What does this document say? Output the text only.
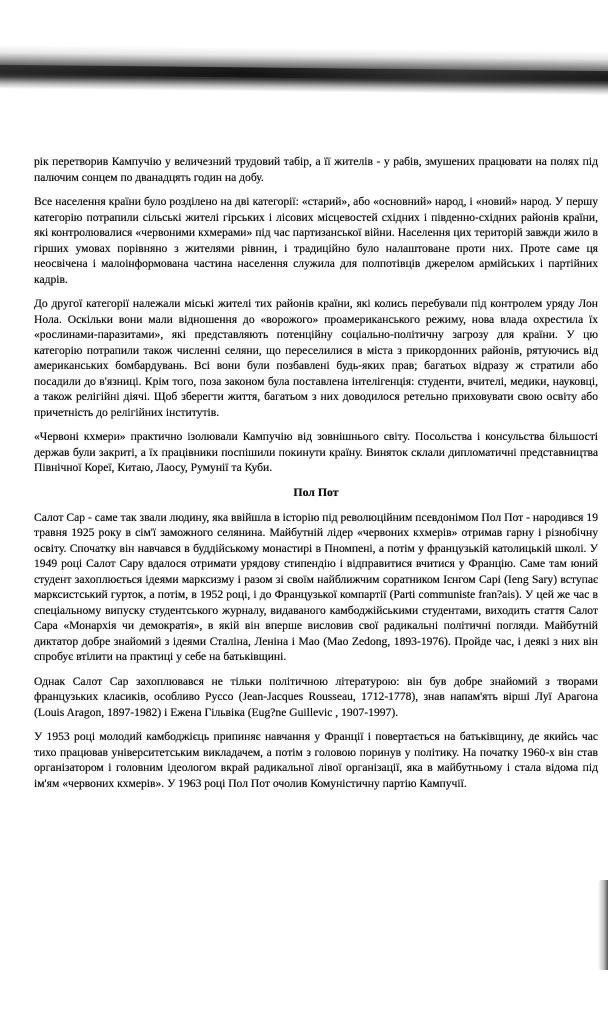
рік перетворив Кампучію у величезний трудовий табір, а її жителів - у рабів, змушених працювати на полях під палючим сонцем по дванадцять годин на добу.

Все населення країни було розділено на дві категорії: «старий», або «основний» народ, і «новий» народ. У першу категорію потрапили сільські жителі гірських і лісових місцевостей східних і південно-східних районів країни, які контролювалися «червоними кхмерами» під час партизанської війни. Населення цих територій завжди жило в гірших умовах порівняно з жителями рівнин, і традиційно було налаштоване проти них. Проте саме ця неосвічена і малоінформована частина населення служила для полпотівців джерелом армійських і партійних кадрів.

До другої категорії належали міські жителі тих районів країни, які колись перебували під контролем уряду Лон Нола. Оскільки вони мали відношення до «ворожого» проамериканського режиму, нова влада охрестила їх «рослинами-паразитами», які представляють потенційну соціально-політичну загрозу для країни. У цю категорію потрапили також численні селяни, що переселилися в міста з прикордонних районів, рятуючись від американських бомбардувань. Всі вони були позбавлені будь-яких прав; багатьох відразу ж стратили або посадили до в'язниці. Крім того, поза законом була поставлена інтелігенція: студенти, вчителі, медики, науковці, а також релігійні діячі. Щоб зберегти життя, багатьом з них доводилося ретельно приховувати свою освіту або причетність до релігійних інститутів.

«Червоні кхмери» практично ізолювали Кампучію від зовнішнього світу. Посольства і консульства більшості держав були закриті, а їх працівники поспішили покинути країну. Виняток склали дипломатичні представництва Північної Кореї, Китаю, Лаосу, Румунії та Куби.

Пол Пот

Салот Сар - саме так звали людину, яка ввійшла в історію під революційним псевдонімом Пол Пот - народився 19 травня 1925 року в сім'ї заможного селянина. Майбутній лідер «червоних кхмерів» отримав гарну і різнобічну освіту. Спочатку він навчався в буддійському монастирі в Пномпені, а потім у французькій католицькій школі. У 1949 році Салот Сару вдалося отримати урядову стипендію і відправитися вчитися у Францію. Саме там юний студент захоплюється ідеями марксизму і разом зі своїм найближчим соратником Ієнгом Сарі (Ieng Sary) вступає марксистський гурток, а потім, в 1952 році, і до Французької компартії (Parti communiste fran?ais). У цей же час в спеціальному випуску студентського журналу, видаваного камбоджійськими студентами, виходить стаття Салот Сара «Монархія чи демократія», в якій він вперше висловив свої радикальні політичні погляди. Майбутній диктатор добре знайомий з ідеями Сталіна, Леніна і Мао (Mao Zedong, 1893-1976). Пройде час, і деякі з них він спробує втілити на практиці у себе на батьківщині.

Однак Салот Сар захоплювався не тільки політичною літературою: він був добре знайомий з творами французьких класиків, особливо Руссо (Jean-Jacques Rousseau, 1712-1778), знав напам'ять вірші Луї Арагона (Louis Aragon, 1897-1982) і Ежена Гільвіка (Eug?ne Guillevic , 1907-1997).

У 1953 році молодий камбоджієць припиняє навчання у Франції і повертається на батьківщину, де якийсь час тихо працював університетським викладачем, а потім з головою поринув у політику. На початку 1960-х він став організатором і головним ідеологом вкрай радикальної лівої організації, яка в майбутньому і стала відома під ім'ям «червоних кхмерів». У 1963 році Пол Пот очолив Комуністичну партію Кампучії.
